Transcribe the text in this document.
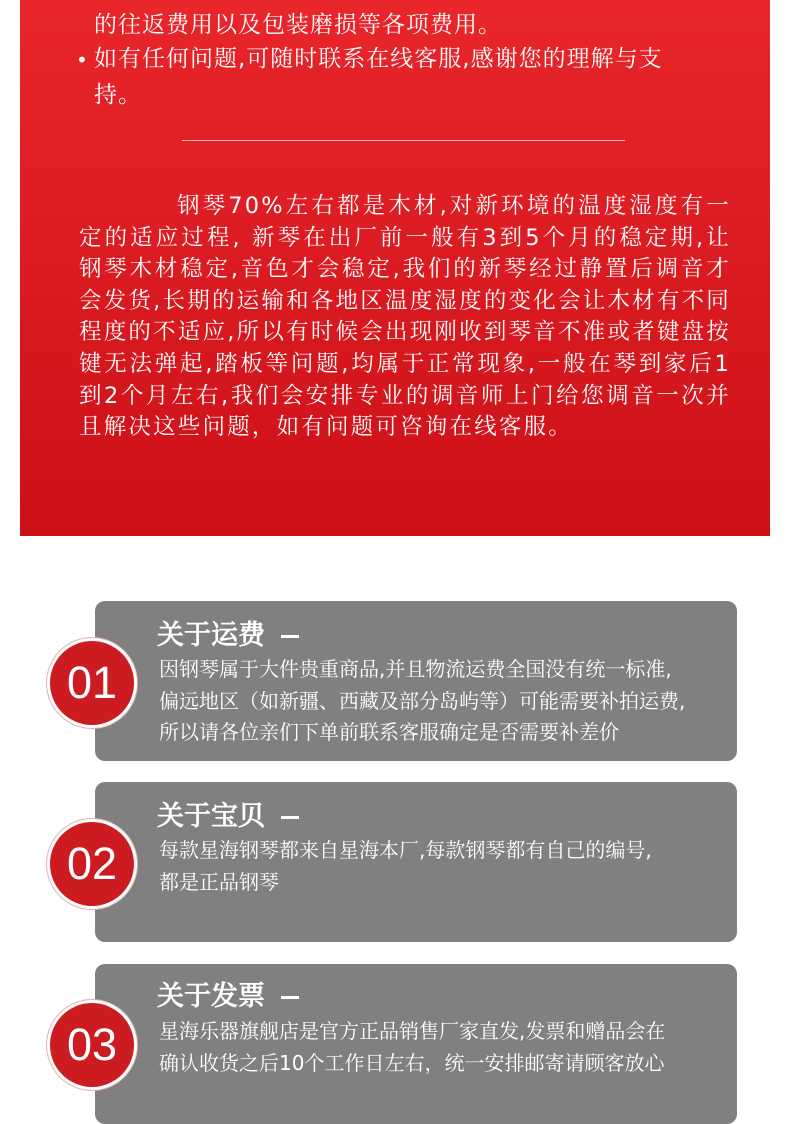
的往返费用以及包装磨损等各项费用。
• 如有任何问题,可随时联系在线客服,感谢您的理解与支
持。
钢琴70%左右都是木材,对新环境的温度湿度有一定的适应过程, 新琴在出厂前一般有3到5个月的稳定期,让钢琴木材稳定,音色才会稳定,我们的新琴经过静置后调音才会发货,长期的运输和各地区温度湿度的变化会让木材有不同程度的不适应,所以有时候会出现刚收到琴音不准或者键盘按键无法弹起,踏板等问题,均属于正常现象,一般在琴到家后1到2个月左右,我们会安排专业的调音师上门给您调音一次并且解决这些问题，如有问题可咨询在线客服。
关于运费
因钢琴属于大件贵重商品,并且物流运费全国没有统一标准,
偏远地区（如新疆、西藏及部分岛屿等）可能需要补拍运费,
所以请各位亲们下单前联系客服确定是否需要补差价
01
关于宝贝
每款星海钢琴都来自星海本厂,每款钢琴都有自己的编号,
都是正品钢琴
02
关于发票
星海乐器旗舰店是官方正品销售厂家直发,发票和赠品会在
确认收货之后10个工作日左右，统一安排邮寄请顾客放心
03
